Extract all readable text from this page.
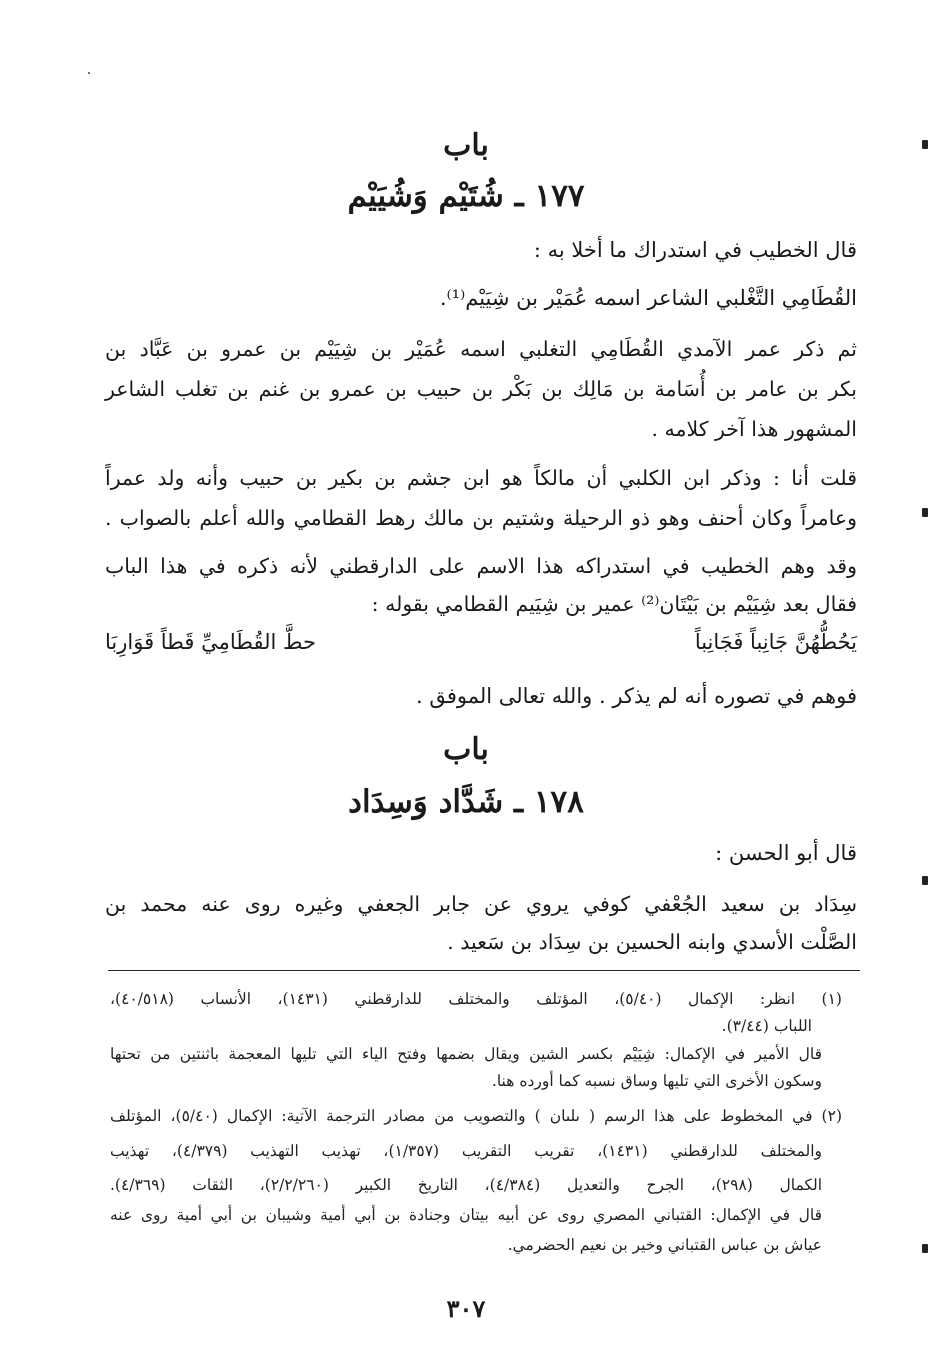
باب
١٧٧ ـ شُتَيْم وَشُيَيْم
قال الخطيب في استدراك ما أخلا به :
القُطَامِي التَّغْلبي الشاعر اسمه عُمَيْر بن شِيَيْم⁽¹⁾.
ثم ذكر عمر الآمدي القُطَامِي التغلبي اسمه عُمَيْر بن شِيَيْم بن عمرو بن عَبَّاد بن
بكر بن عامر بن أُسَامة بن مَالِك بن بَكْر بن حبيب بن عمرو بن غنم بن تغلب الشاعر
المشهور هذا آخر كلامه .
قلت أنا : وذكر ابن الكلبي أن مالكاً هو ابن جشم بن بكير بن حبيب وأنه ولد عمراً
وعامراً وكان أحنف وهو ذو الرحيلة وشتيم بن مالك رهط القطامي والله أعلم بالصواب .
وقد وهم الخطيب في استدراكه هذا الاسم على الدارقطني لأنه ذكره في هذا الباب
فقال بعد شِيَيْم بن بَيْتَان⁽²⁾ عمير بن شِيَيم القطامي بقوله :
يَحُطُّهُنَّ جَانِباً فَجَانِباً
حطَّ القُطَامِيِّ قَطاً قَوَارِبَا
فوهم في تصوره أنه لم يذكر . والله تعالى الموفق .
باب
١٧٨ ـ شَدَّاد وَسِدَاد
قال أبو الحسن :
سِدَاد بن سعيد الجُعْفي كوفي يروي عن جابر الجعفي وغيره روى عنه محمد بن
الصَّلْت الأسدي وابنه الحسين بن سِدَاد بن سَعيد .
(١) انظر: الإكمال (٥/٤٠)، المؤتلف والمختلف للدارقطني (١٤٣١)، الأنساب (٤٠/٥١٨)،
اللباب (٣/٤٤).
قال الأمير في الإكمال: شِيَيْم بكسر الشين ويقال بضمها وفتح الياء التي تليها المعجمة باثنتين من تحتها
وسكون الأخرى التي تليها وساق نسبه كما أورده هنا.
(٢) في المخطوط على هذا الرسم ( ىلىان ) والتصويب من مصادر الترجمة الآتية: الإكمال (٥/٤٠)، المؤتلف
والمختلف للدارقطني (١٤٣١)، تقريب التقريب (١/٣٥٧)، تهذيب التهذيب (٤/٣٧٩)، تهذيب
الكمال (٢٩٨)، الجرح والتعديل (٤/٣٨٤)، التاريخ الكبير (٢/٢/٢٦٠)، الثقات (٤/٣٦٩).
قال في الإكمال: القتباني المصري روى عن أبيه بيتان وجنادة بن أبي أمية وشيبان بن أبي أمية روى عنه
عياش بن عباس القتباني وخير بن نعيم الحضرمي.
٣٠٧
